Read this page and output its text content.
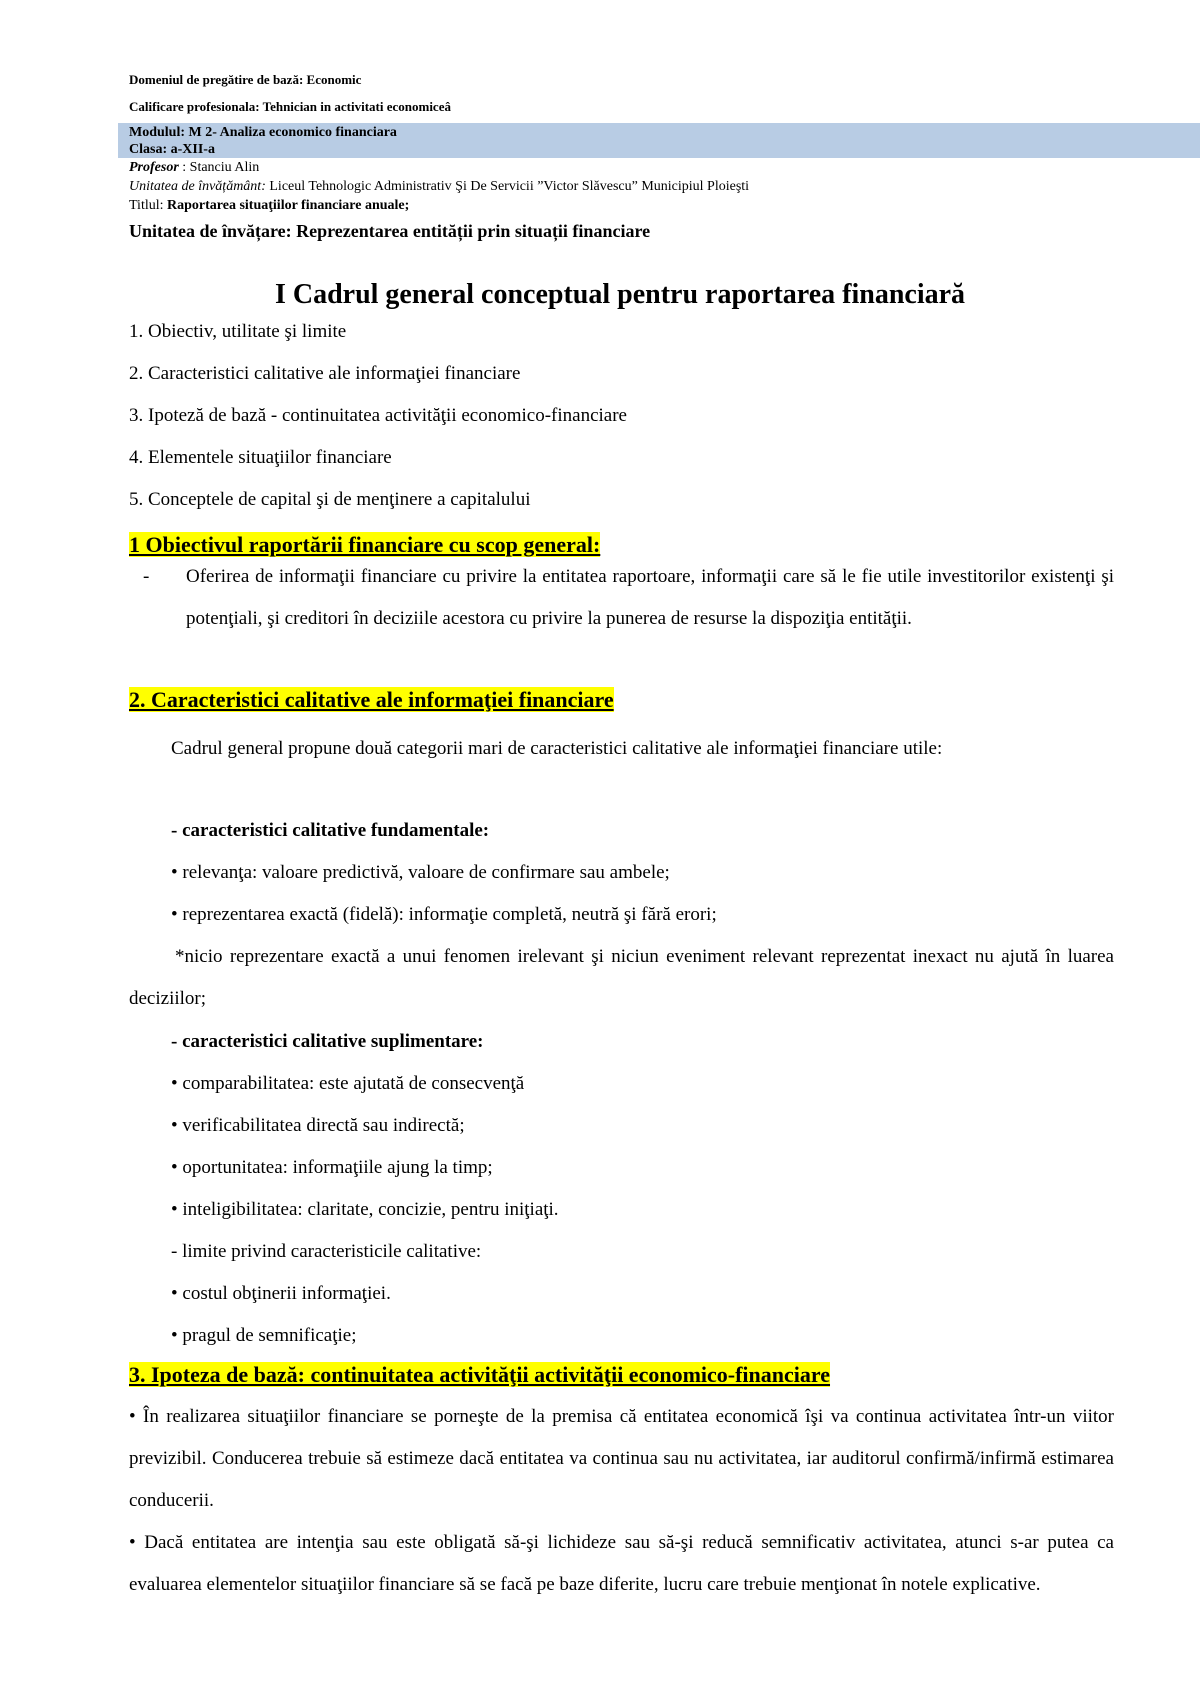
Domeniul de pregătire de bază: Economic
Calificare profesionala: Tehnician in activitati economiceâ
Modulul: M 2- Analiza economico financiara
Clasa: a-XII-a
Profesor : Stanciu Alin
Unitatea de învățământ: Liceul Tehnologic Administrativ Şi De Servicii ”Victor Slăvescu” Municipiul Ploieşti
Titlul: Raportarea situaţiilor financiare anuale;
Unitatea de învățare: Reprezentarea entității prin situații financiare
I Cadrul general conceptual pentru raportarea financiară
1. Obiectiv, utilitate şi limite
2. Caracteristici calitative ale informaţiei financiare
3. Ipoteză de bază - continuitatea activităţii economico-financiare
4. Elementele situaţiilor financiare
5. Conceptele de capital şi de menţinere a capitalului
1 Obiectivul raportării financiare cu scop general:
- Oferirea de informaţii financiare cu privire la entitatea raportoare, informaţii care să le fie utile investitorilor existenţi şi potenţiali, şi creditori în deciziile acestora cu privire la punerea de resurse la dispoziţia entităţii.
2. Caracteristici calitative ale informaţiei financiare
Cadrul general propune două categorii mari de caracteristici calitative ale informaţiei financiare utile:
- caracteristici calitative fundamentale:
• relevanţa: valoare predictivă, valoare de confirmare sau ambele;
• reprezentarea exactă (fidelă): informaţie completă, neutră şi fără erori;
*nicio reprezentare exactă a unui fenomen irelevant şi niciun eveniment relevant reprezentat inexact nu ajută în luarea deciziilor;
- caracteristici calitative suplimentare:
• comparabilitatea: este ajutată de consecvenţă
• verificabilitatea directă sau indirectă;
• oportunitatea: informaţiile ajung la timp;
• inteligibilitatea: claritate, concizie, pentru iniţiaţi.
- limite privind caracteristicile calitative:
• costul obţinerii informaţiei.
• pragul de semnificaţie;
3. Ipoteza de bază: continuitatea activităţii activităţii economico-financiare
• În realizarea situaţiilor financiare se porneşte de la premisa că entitatea economică îşi va continua activitatea într-un viitor previzibil. Conducerea trebuie să estimeze dacă entitatea va continua sau nu activitatea, iar auditorul confirmă/infirmă estimarea conducerii.
• Dacă entitatea are intenţia sau este obligată să-şi lichideze sau să-şi reducă semnificativ activitatea, atunci s-ar putea ca evaluarea elementelor situaţiilor financiare să se facă pe baze diferite, lucru care trebuie menţionat în notele explicative.
